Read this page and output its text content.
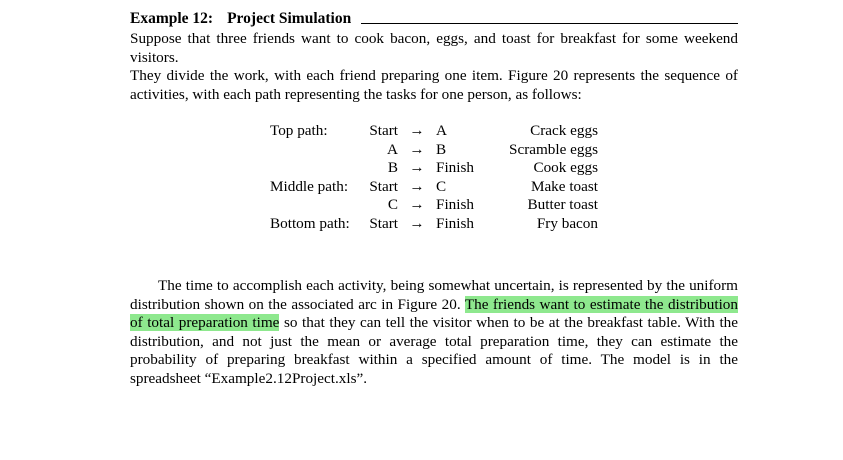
Example 12: Project Simulation

Suppose that three friends want to cook bacon, eggs, and toast for breakfast for some weekend visitors.

They divide the work, with each friend preparing one item. Figure 20 represents the sequence of

activities, with each path representing the tasks for one person, as follows:

Top path:	Start	→	A	Crack eggs
	A	→	B	Scramble eggs
	B	→	Finish	Cook eggs
Middle path:	Start	→	C	Make toast
	C	→	Finish	Butter toast
Bottom path:	Start	→	Finish	Fry bacon

The time to accomplish each activity, being somewhat uncertain, is represented by the uniform distribution shown on the associated arc in Figure 20. The friends want to estimate the distribution of total preparation time so that they can tell the visitor when to be at the breakfast table. With the distribution, and not just the mean or average total preparation time, they can estimate the probability of preparing breakfast within a specified amount of time. The model is in the spreadsheet “Example2.12Project.xls”.
